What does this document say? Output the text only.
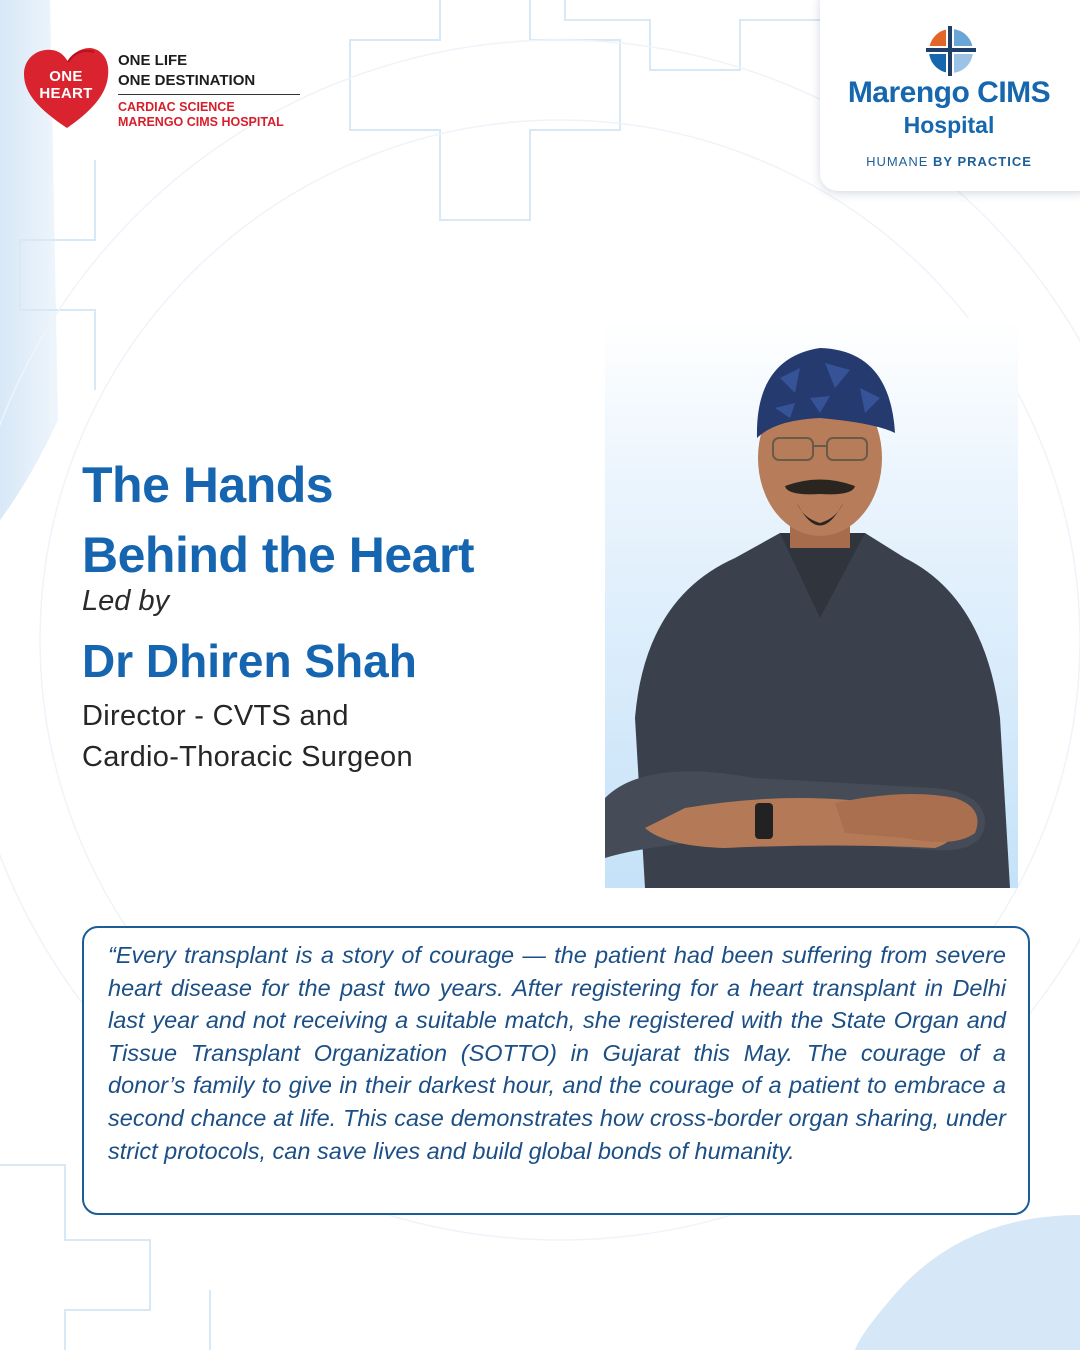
ONE
HEART
ONE LIFE
ONE DESTINATION
CARDIAC SCIENCE
MARENGO CIMS HOSPITAL
Marengo CIMS
Hospital
HUMANE BY PRACTICE
The Hands
Behind the Heart
Led by
Dr Dhiren Shah
Director - CVTS and
Cardio-Thoracic Surgeon
“Every transplant is a story of courage — the patient had been suffering from severe heart disease for the past two years. After registering for a heart transplant in Delhi last year and not receiving a suitable match, she registered with the State Organ and Tissue Transplant Organization (SOTTO) in Gujarat this May. The courage of a donor’s family to give in their darkest hour, and the courage of a patient to embrace a second chance at life. This case demonstrates how cross-border organ sharing, under strict protocols, can save lives and build global bonds of humanity.
